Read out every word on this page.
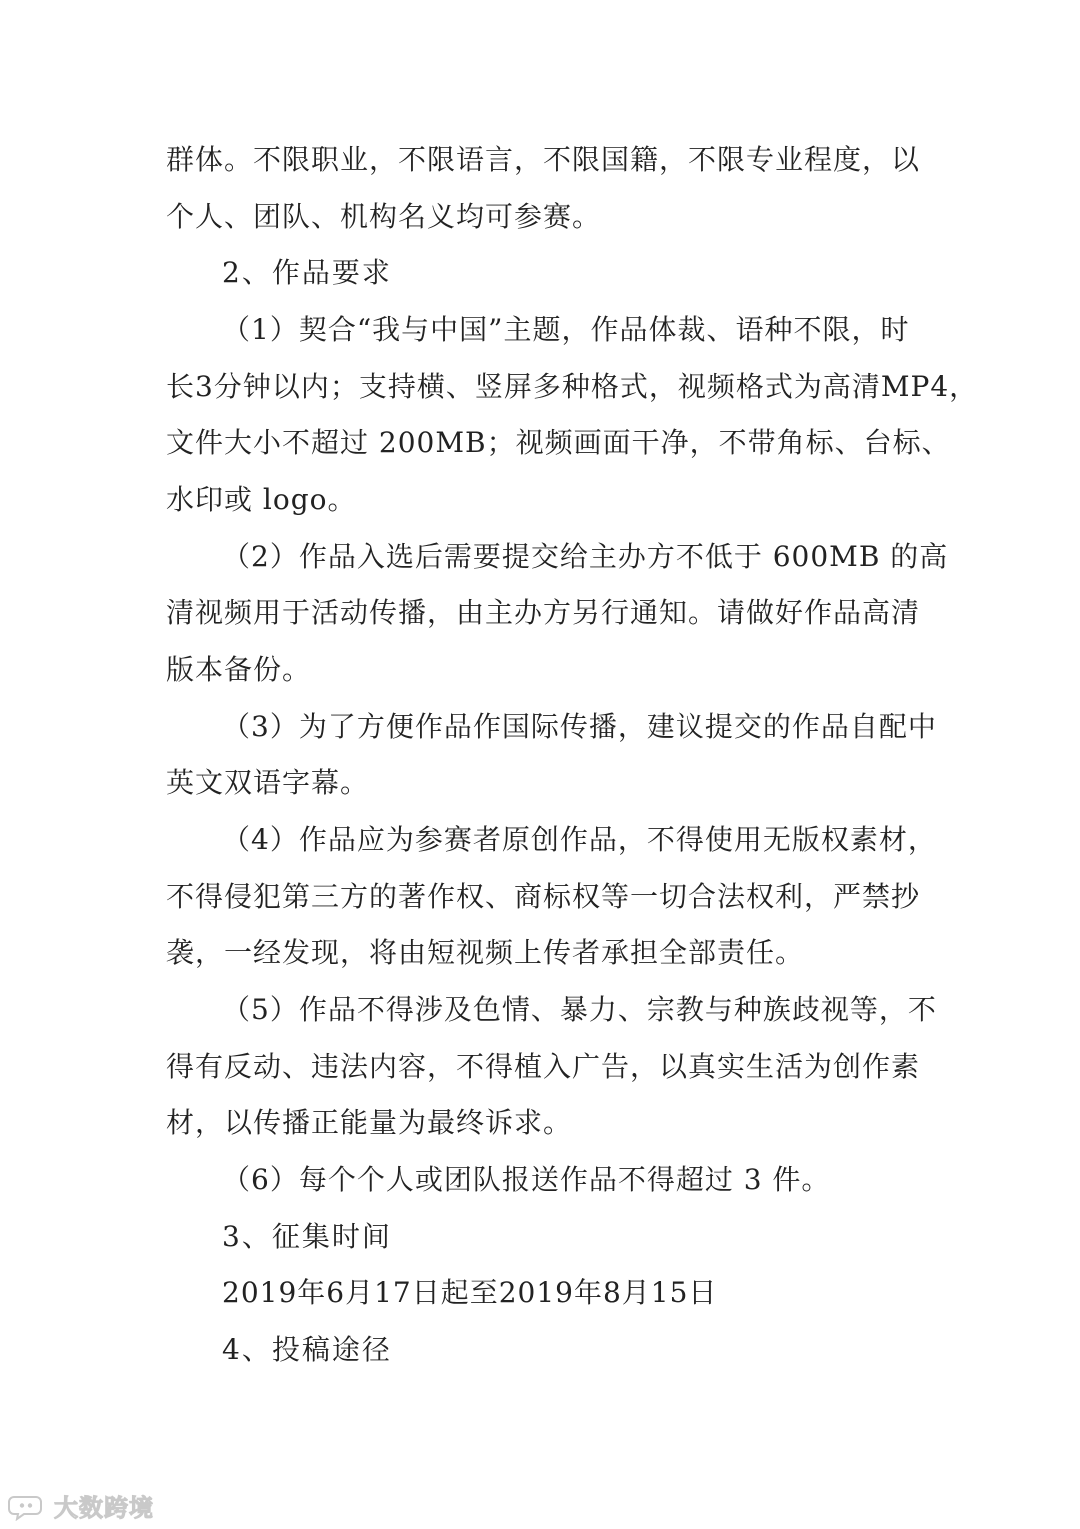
群体。不限职业，不限语言，不限国籍，不限专业程度，以
个人、团队、机构名义均可参赛。
2、作品要求
（1）契合“我与中国”主题，作品体裁、语种不限，时
长3分钟以内；支持横、竖屏多种格式，视频格式为高清MP4，
文件大小不超过 200MB；视频画面干净，不带角标、台标、
水印或 logo。
（2）作品入选后需要提交给主办方不低于 600MB 的高
清视频用于活动传播，由主办方另行通知。请做好作品高清
版本备份。
（3）为了方便作品作国际传播，建议提交的作品自配中
英文双语字幕。
（4）作品应为参赛者原创作品，不得使用无版权素材，
不得侵犯第三方的著作权、商标权等一切合法权利，严禁抄
袭，一经发现，将由短视频上传者承担全部责任。
（5）作品不得涉及色情、暴力、宗教与种族歧视等，不
得有反动、违法内容，不得植入广告，以真实生活为创作素
材，以传播正能量为最终诉求。
（6）每个个人或团队报送作品不得超过 3 件。
3、征集时间
2019年6月17日起至2019年8月15日
4、投稿途径
大数跨境
